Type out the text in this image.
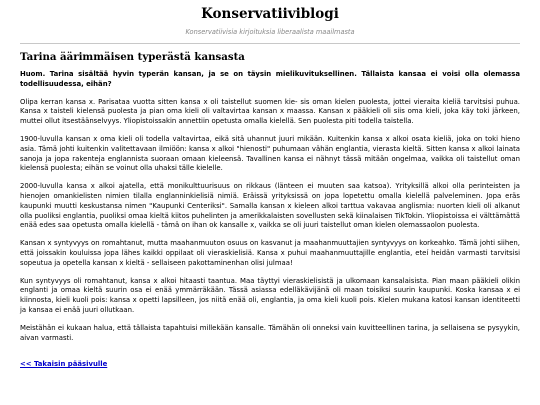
Konservatiiviblogi
Konservatiivisia kirjoituksia liberaalista maailmasta
Tarina äärimmäisen typerästä kansasta

Huom. Tarina sisältää hyvin typerän kansan, ja se on täysin mielikuvituksellinen. Tällaista kansaa ei voisi olla olemassa todellisuudessa, eihän?

Olipa kerran kansa x. Parisataa vuotta sitten kansa x oli taistellut suomen kie- sis oman kielen puolesta, jottei vieraita kieliä tarvitsisi puhua. Kansa x taisteli kielensä puolesta ja pian oma kieli oli valtavirtaa kansan x maassa. Kansan x pääkieli oli siis oma kieli, joka käy toki järkeen, muttei ollut itsestäänselvyys. Yliopistoissakin annettiin opetusta omalla kielellä. Sen puolesta piti todella taistella.

1900-luvulla kansan x oma kieli oli todella valtavirtaa, eikä sitä uhannut juuri mikään. Kuitenkin kansa x alkoi osata kieliä, joka on toki hieno asia. Tämä johti kuitenkin valitettavaan ilmiöön: kansa x alkoi "hienosti" puhumaan vähän englantia, vierasta kieltä. Sitten kansa x alkoi lainata sanoja ja jopa rakenteja englannista suoraan omaan kieleensä. Tavallinen kansa ei nähnyt tässä mitään ongelmaa, vaikka oli taistellut oman kielensä puolesta; eihän se voinut olla uhaksi tälle kielelle.

2000-luvulla kansa x alkoi ajatella, että monikulttuurisuus on rikkaus (länteen ei muuten saa katsoa). Yrityksillä alkoi olla perinteisten ja hienojen omankielisten nimien tilalla englanninkielisiä nimiä. Eräissä yrityksissä on jopa lopetettu omalla kielellä palveleminen. Jopa eräs kaupunki muutti keskustansa nimen "Kaupunki Centeriksi". Samalla kansan x kieleen alkoi tarttua vakavaa anglismia: nuorten kieli oli alkanut olla puoliksi englantia, puoliksi omaa kieltä kiitos puhelinten ja amerikkalaisten sovellusten sekä kiinalaisen TikTokin. Yliopistoissa ei välttämättä enää edes saa opetusta omalla kielellä - tämä on ihan ok kansalle x, vaikka se oli juuri taistellut oman kielen olemassaolon puolesta.

Kansan x syntyvyys on romahtanut, mutta maahanmuuton osuus on kasvanut ja maahanmuuttajien syntyvyys on korkeahko. Tämä johti siihen, että joissakin kouluissa jopa lähes kaikki oppilaat oli vieraskielisiä. Kansa x puhui maahanmuuttajille englantia, eteí heidän varmasti tarvitsisi sopeutua ja opetella kansan x kieltä - sellaiseen pakottaminenhan olisi julmaa!

Kun syntyvyys oli romahtanut, kansa x alkoi hitaasti taantua. Maa täyttyi vieraskielisistä ja ulkomaan kansalaisista. Pian maan pääkieli olikin englanti ja omaa kieltä suurin osa ei enää ymmärräkään. Tässä asiassa edelläkävijänä oli maan toisiksi suurin kaupunki. Koska kansaa x ei kiinnosta, kieli kuoli pois: kansa x opetti lapsilleen, jos niitä enää oli, englantia, ja oma kieli kuoli pois. Kielen mukana katosi kansan identiteetti ja kansaa ei enää juuri ollutkaan.

Meistähän ei kukaan halua, että tällaista tapahtuisi millekään kansalle. Tämähän oli onneksi vain kuvitteellinen tarina, ja sellaisena se pysyykin, aivan varmasti.

<< Takaisin pääsivulle
